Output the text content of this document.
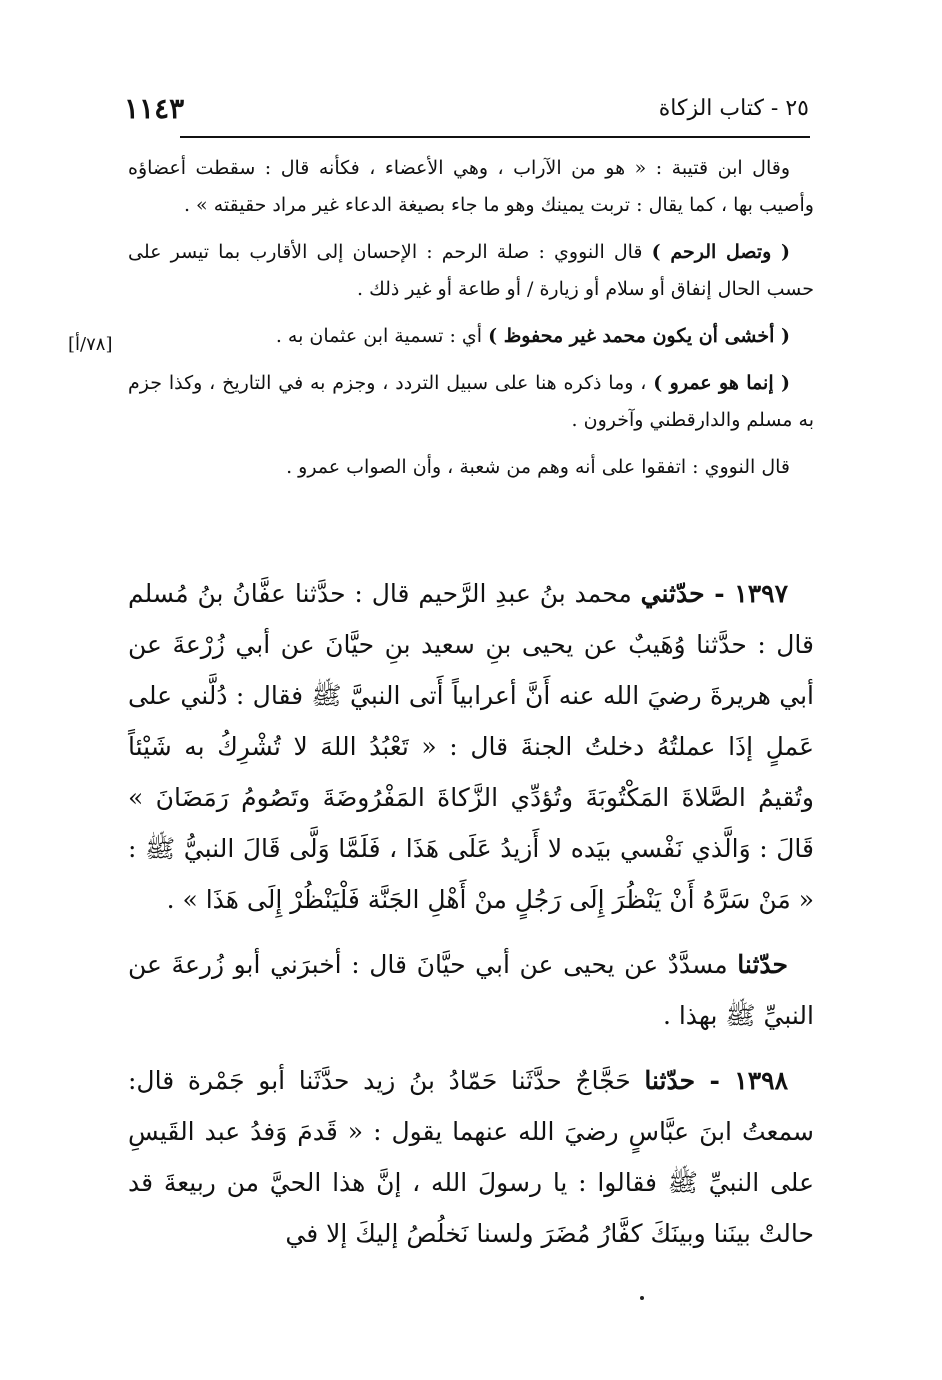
١١٤٣	٢٥ - كتاب الزكاة

وقال ابن قتيبة : « هو من الآراب ، وهي الأعضاء ، فكأنه قال : سقطت أعضاؤه وأصيب بها ، كما يقال : تربت يمينك وهو ما جاء بصيغة الدعاء غير مراد حقيقته » .

( وتصل الرحم ) قال النووي : صلة الرحم : الإحسان إلى الأقارب بما تيسر على حسب الحال إنفاق أو سلام أو زيارة / أو طاعة أو غير ذلك .

( أخشى أن يكون محمد غير محفوظ ) أي : تسمية ابن عثمان به .

( إنما هو عمرو ) ، وما ذكره هنا على سبيل التردد ، وجزم به في التاريخ ، وكذا جزم به مسلم والدارقطني وآخرون .

قال النووي : اتفقوا على أنه وهم من شعبة ، وأن الصواب عمرو .

[٧٨/أ]

١٣٩٧ - حدّثني محمد بنُ عبدِ الرَّحيم قال : حدَّثنا عفَّانُ بنُ مُسلم قال : حدَّثنا وُهَيبٌ عن يحيى بنِ سعيد بنِ حيَّانَ عن أبي زُرْعةَ عن أبي هريرةَ رضيَ الله عنه أَنَّ أعرابياً أَتى النبيَّ ﷺ فقال : دُلَّني على عَملٍ إذَا عملتُهُ دخلتُ الجنةَ قال : « تَعْبُدُ اللهَ لا تُشْرِكُ به شَيْئاً وتُقيمُ الصَّلاةَ المَكْتُوبَةَ وتُؤدِّي الزَّكاةَ المَفْرُوضَةَ وتَصُومُ رَمَضَانَ » قَالَ : وَالَّذي نَفْسي بيَده لا أَزيدُ عَلَى هَذَا ، فَلَمَّا وَلَّى قَالَ النبيُّ ﷺ : « مَنْ سَرَّهُ أَنْ يَنْظُرَ إِلَى رَجُلٍ منْ أَهْلِ الجَنَّة فَلْيَنْظُرْ إِلَى هَذَا » .

حدّثنا مسدَّدٌ عن يحيى عن أبي حيَّانَ قال : أخبرَني أبو زُرعةَ عن النبيِّ ﷺ بهذا .

١٣٩٨ - حدّثنا حَجَّاجٌ حدَّثَنا حَمّادُ بنُ زيد حدَّثَنا أبو جَمْرة قال: سمعتُ ابنَ عبَّاسٍ رضيَ الله عنهما يقول : « قَدمَ وَفدُ عبد القَيسِ على النبيِّ ﷺ فقالوا : يا رسولَ الله ، إنَّ هذا الحيَّ من ربيعةَ قد حالتْ بينَنا وبينَكَ كفَّارُ مُضَرَ ولسنا نَخلُصُ إليكَ إلا في
